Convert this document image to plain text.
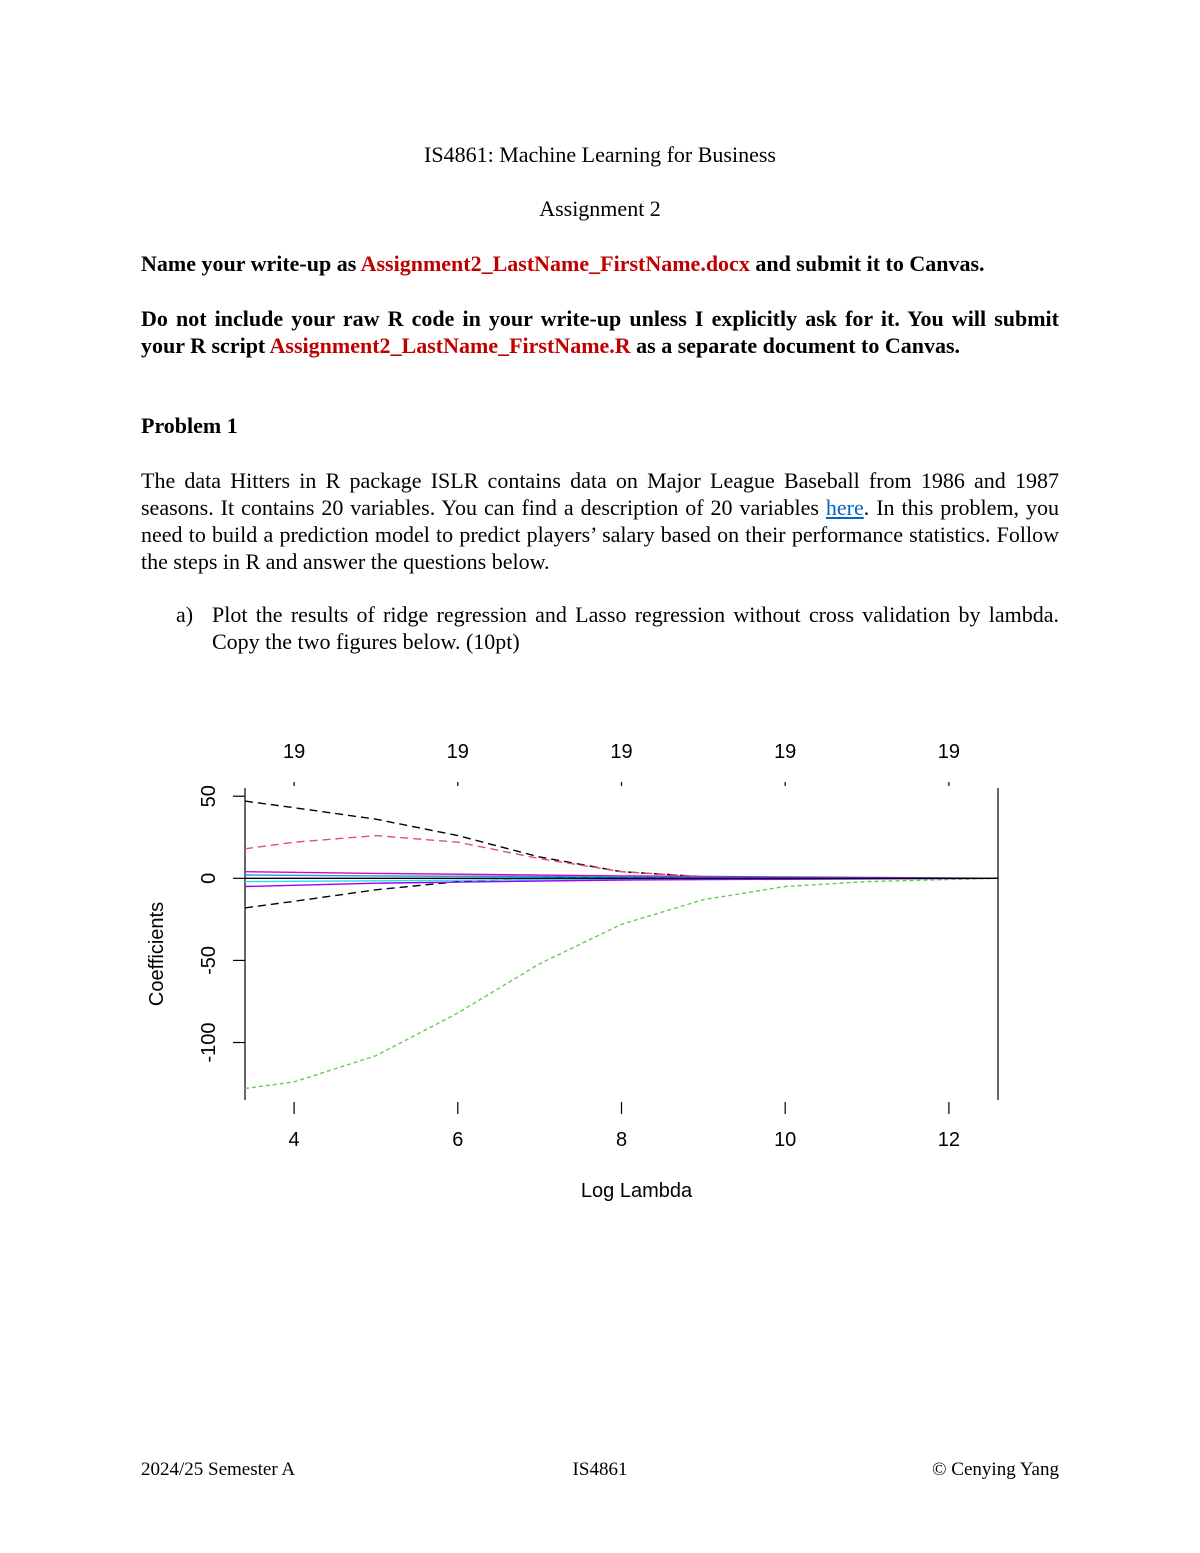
IS4861: Machine Learning for Business
Assignment 2

Name your write-up as Assignment2_LastName_FirstName.docx and submit it to Canvas.

Do not include your raw R code in your write-up unless I explicitly ask for it. You will submit your R script Assignment2_LastName_FirstName.R as a separate document to Canvas.

Problem 1

The data Hitters in R package ISLR contains data on Major League Baseball from 1986 and 1987 seasons. It contains 20 variables. You can find a description of 20 variables here. In this problem, you need to build a prediction model to predict players’ salary based on their performance statistics. Follow the steps in R and answer the questions below.

a) Plot the results of ridge regression and Lasso regression without cross validation by lambda. Copy the two figures below. (10pt)
50
0
-50
-100
4
19
6
19
8
19
10
19
12
19
Log Lambda
Coefficients
2024/25 Semester A	IS4861	© Cenying Yang
